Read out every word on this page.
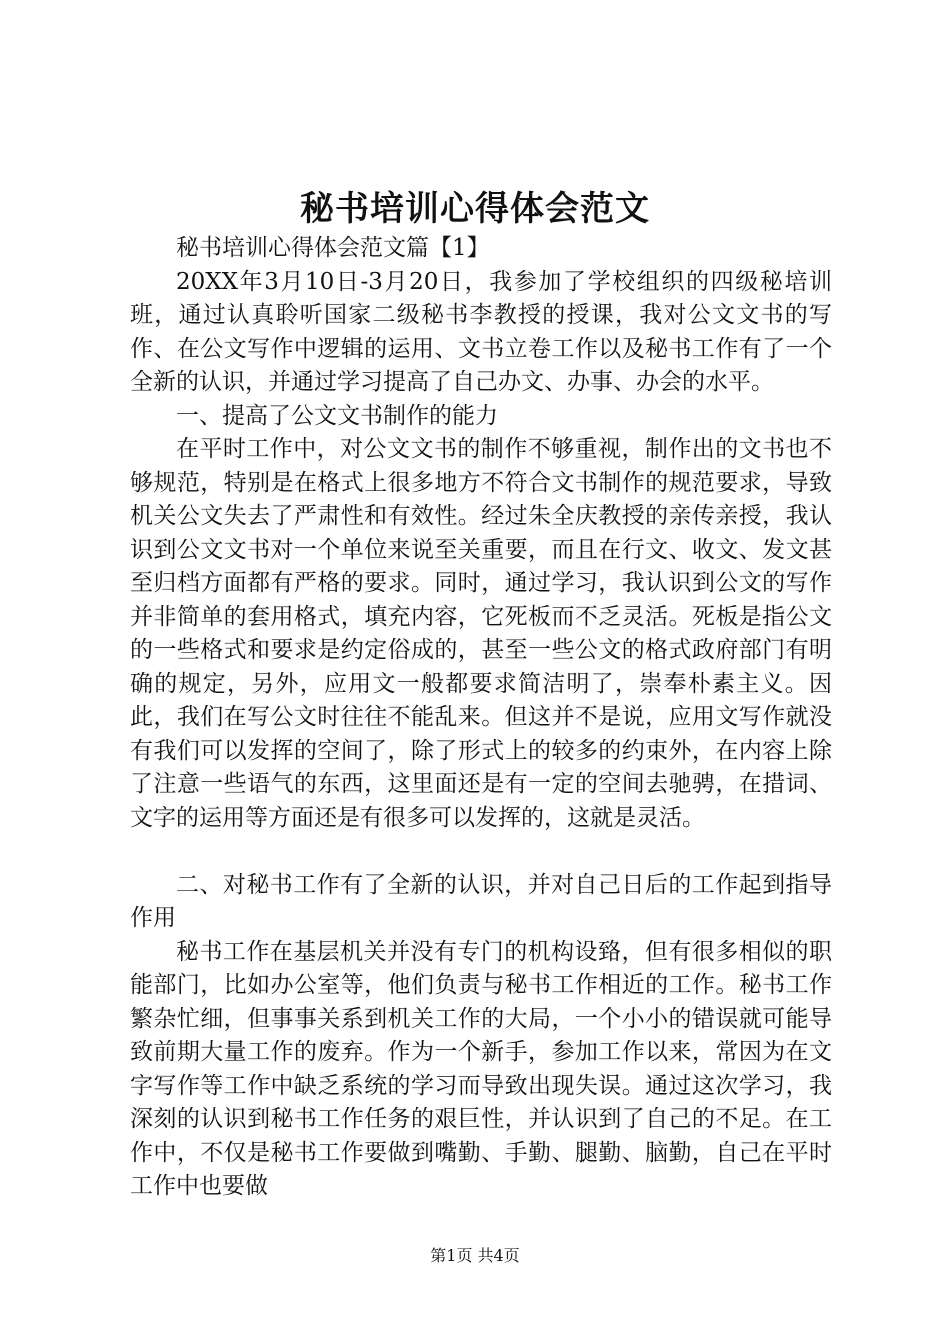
秘书培训心得体会范文

秘书培训心得体会范文篇【1】

20XX年3月10日-3月20日，我参加了学校组织的四级秘培训班，通过认真聆听国家二级秘书李教授的授课，我对公文文书的写作、在公文写作中逻辑的运用、文书立卷工作以及秘书工作有了一个全新的认识，并通过学习提高了自己办文、办事、办会的水平。

一、提高了公文文书制作的能力

在平时工作中，对公文文书的制作不够重视，制作出的文书也不够规范，特别是在格式上很多地方不符合文书制作的规范要求，导致机关公文失去了严肃性和有效性。经过朱全庆教授的亲传亲授，我认识到公文文书对一个单位来说至关重要，而且在行文、收文、发文甚至归档方面都有严格的要求。同时，通过学习，我认识到公文的写作并非简单的套用格式，填充内容，它死板而不乏灵活。死板是指公文的一些格式和要求是约定俗成的，甚至一些公文的格式政府部门有明确的规定，另外，应用文一般都要求简洁明了，崇奉朴素主义。因此，我们在写公文时往往不能乱来。但这并不是说，应用文写作就没有我们可以发挥的空间了，除了形式上的较多的约束外，在内容上除了注意一些语气的东西，这里面还是有一定的空间去驰骋，在措词、文字的运用等方面还是有很多可以发挥的，这就是灵活。

二、对秘书工作有了全新的认识，并对自己日后的工作起到指导作用

秘书工作在基层机关并没有专门的机构设臵，但有很多相似的职能部门，比如办公室等，他们负责与秘书工作相近的工作。秘书工作繁杂忙细，但事事关系到机关工作的大局，一个小小的错误就可能导致前期大量工作的废弃。作为一个新手，参加工作以来，常因为在文字写作等工作中缺乏系统的学习而导致出现失误。通过这次学习，我深刻的认识到秘书工作任务的艰巨性，并认识到了自己的不足。在工作中，不仅是秘书工作要做到嘴勤、手勤、腿勤、脑勤，自己在平时工作中也要做

第1页 共4页
